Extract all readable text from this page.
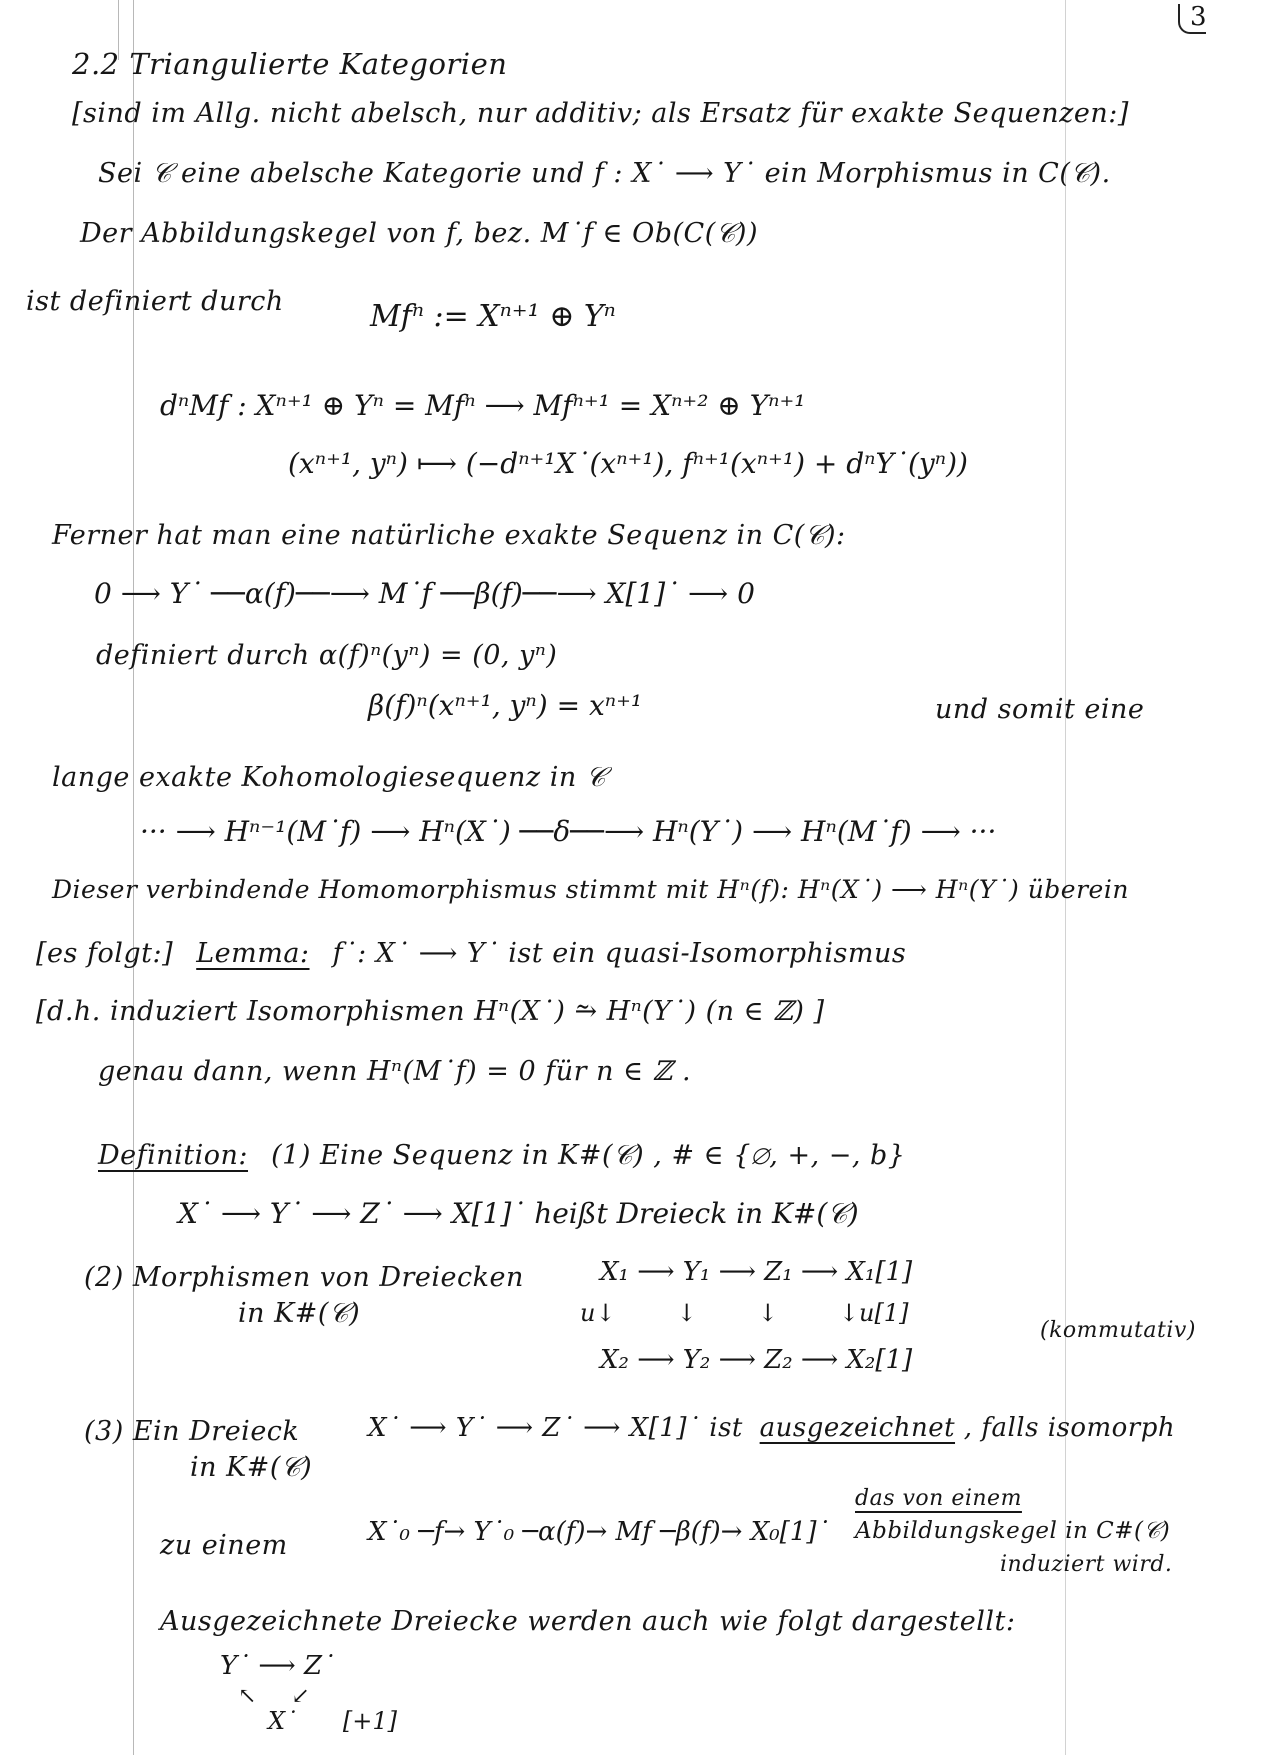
3
2.2 Triangulierte Kategorien
[sind im Allg. nicht abelsch, nur additiv; als Ersatz für exakte Sequenzen:]
Sei 𝒞 eine abelsche Kategorie und f : X˙ ⟶ Y˙ ein Morphismus in C(𝒞).
Der Abbildungskegel von f, bez. M˙f ∈ Ob(C(𝒞))
ist definiert durch	Mfⁿ := Xⁿ⁺¹ ⊕ Yⁿ
dⁿMf : Xⁿ⁺¹ ⊕ Yⁿ = Mfⁿ ⟶ Mfⁿ⁺¹ = Xⁿ⁺² ⊕ Yⁿ⁺¹
(xⁿ⁺¹, yⁿ) ⟼ (−dⁿ⁺¹X˙(xⁿ⁺¹), fⁿ⁺¹(xⁿ⁺¹) + dⁿY˙(yⁿ))
Ferner hat man eine natürliche exakte Sequenz in C(𝒞):
0 ⟶ Y˙ ──α(f)──⟶ M˙f ──β(f)──⟶ X[1]˙ ⟶ 0
definiert durch α(f)ⁿ(yⁿ) = (0, yⁿ)
β(f)ⁿ(xⁿ⁺¹, yⁿ) = xⁿ⁺¹	und somit eine
lange exakte Kohomologiesequenz in 𝒞
··· ⟶ Hⁿ⁻¹(M˙f) ⟶ Hⁿ(X˙) ──δ──⟶ Hⁿ(Y˙) ⟶ Hⁿ(M˙f) ⟶ ···
Dieser verbindende Homomorphismus stimmt mit Hⁿ(f): Hⁿ(X˙) ⟶ Hⁿ(Y˙) überein
[es folgt:] Lemma: f˙: X˙ ⟶ Y˙ ist ein quasi-Isomorphismus
[d.h. induziert Isomorphismen Hⁿ(X˙) ⥲ Hⁿ(Y˙) (n ∈ ℤ) ]
genau dann, wenn Hⁿ(M˙f) = 0 für n ∈ ℤ .
Definition: (1) Eine Sequenz in K#(𝒞) , # ∈ {∅, +, −, b}
X˙ ⟶ Y˙ ⟶ Z˙ ⟶ X[1]˙ heißt Dreieck in K#(𝒞)
(2) Morphismen von Dreiecken
in K#(𝒞)
X₁ ⟶ Y₁ ⟶ Z₁ ⟶ X₁[1]
u↓        ↓        ↓        ↓u[1]
X₂ ⟶ Y₂ ⟶ Z₂ ⟶ X₂[1]
(kommutativ)
(3) Ein Dreieck
in K#(𝒞)
X˙ ⟶ Y˙ ⟶ Z˙ ⟶ X[1]˙ ist ausgezeichnet , falls isomorph
zu einem	X˙₀ ─f→ Y˙₀ ─α(f)→ Mf ─β(f)→ X₀[1]˙
das von einem
Abbildungskegel in C#(𝒞)
induziert wird.
Ausgezeichnete Dreiecke werden auch wie folgt dargestellt:
Y˙ ⟶ Z˙
↖     ↙
X˙      [+1]
